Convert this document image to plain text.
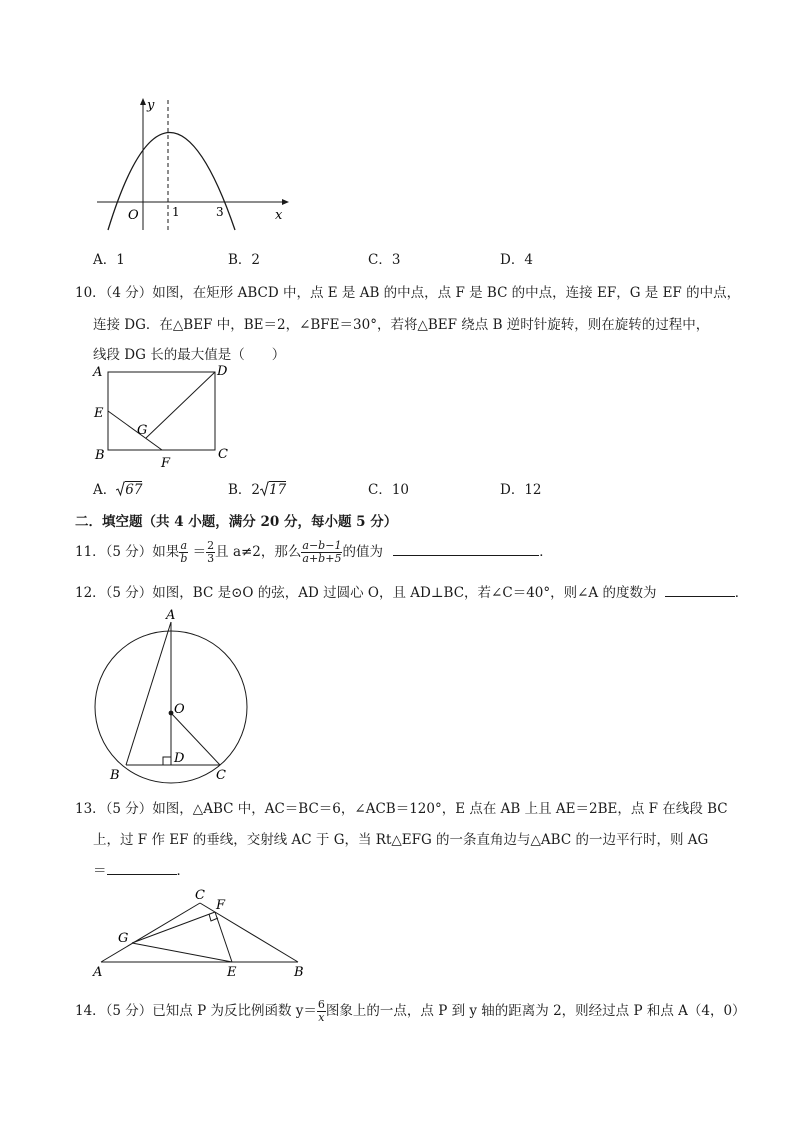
y
x
O	1	3
A．1	B．2	C．3	D．4
10．（4 分）如图，在矩形 ABCD 中，点 E 是 AB 的中点，点 F 是 BC 的中点，连接 EF，G 是 EF 的中点，
连接 DG．在△BEF 中，BE＝2，∠BFE＝30°，若将△BEF 绕点 B 逆时针旋转，则在旋转的过程中，
线段 DG 长的最大值是（　　）
A	D
E
G
B
F
C
A． 67	B．2 17	C．10	D．12
二．填空题（共 4 小题，满分 20 分，每小题 5 分）
11．（5 分）如果 $\frac{a}{b} = \frac{2}{3}$ 且 a≠2，那么 $\frac{a-b-1}{a+b+5}$ 的值为	．
12．（5 分）如图，BC 是⊙O 的弦，AD 过圆心 O，且 AD⊥BC，若∠C＝40°，则∠A 的度数为	．
A
O
D
B	C
13．（5 分）如图，△ABC 中，AC＝BC＝6，∠ACB＝120°，E 点在 AB 上且 AE＝2BE，点 F 在线段 BC
上，过 F 作 EF 的垂线，交射线 AC 于 G，当 Rt△EFG 的一条直角边与△ABC 的一边平行时，则 AG
＝	．
C
F
G
A	E	B
14．（5 分）已知点 P 为反比例函数 $y= \frac{6}{x}$ 图象上的一点，点 P 到 y 轴的距离为 2，则经过点 P 和点 A（4，0）
